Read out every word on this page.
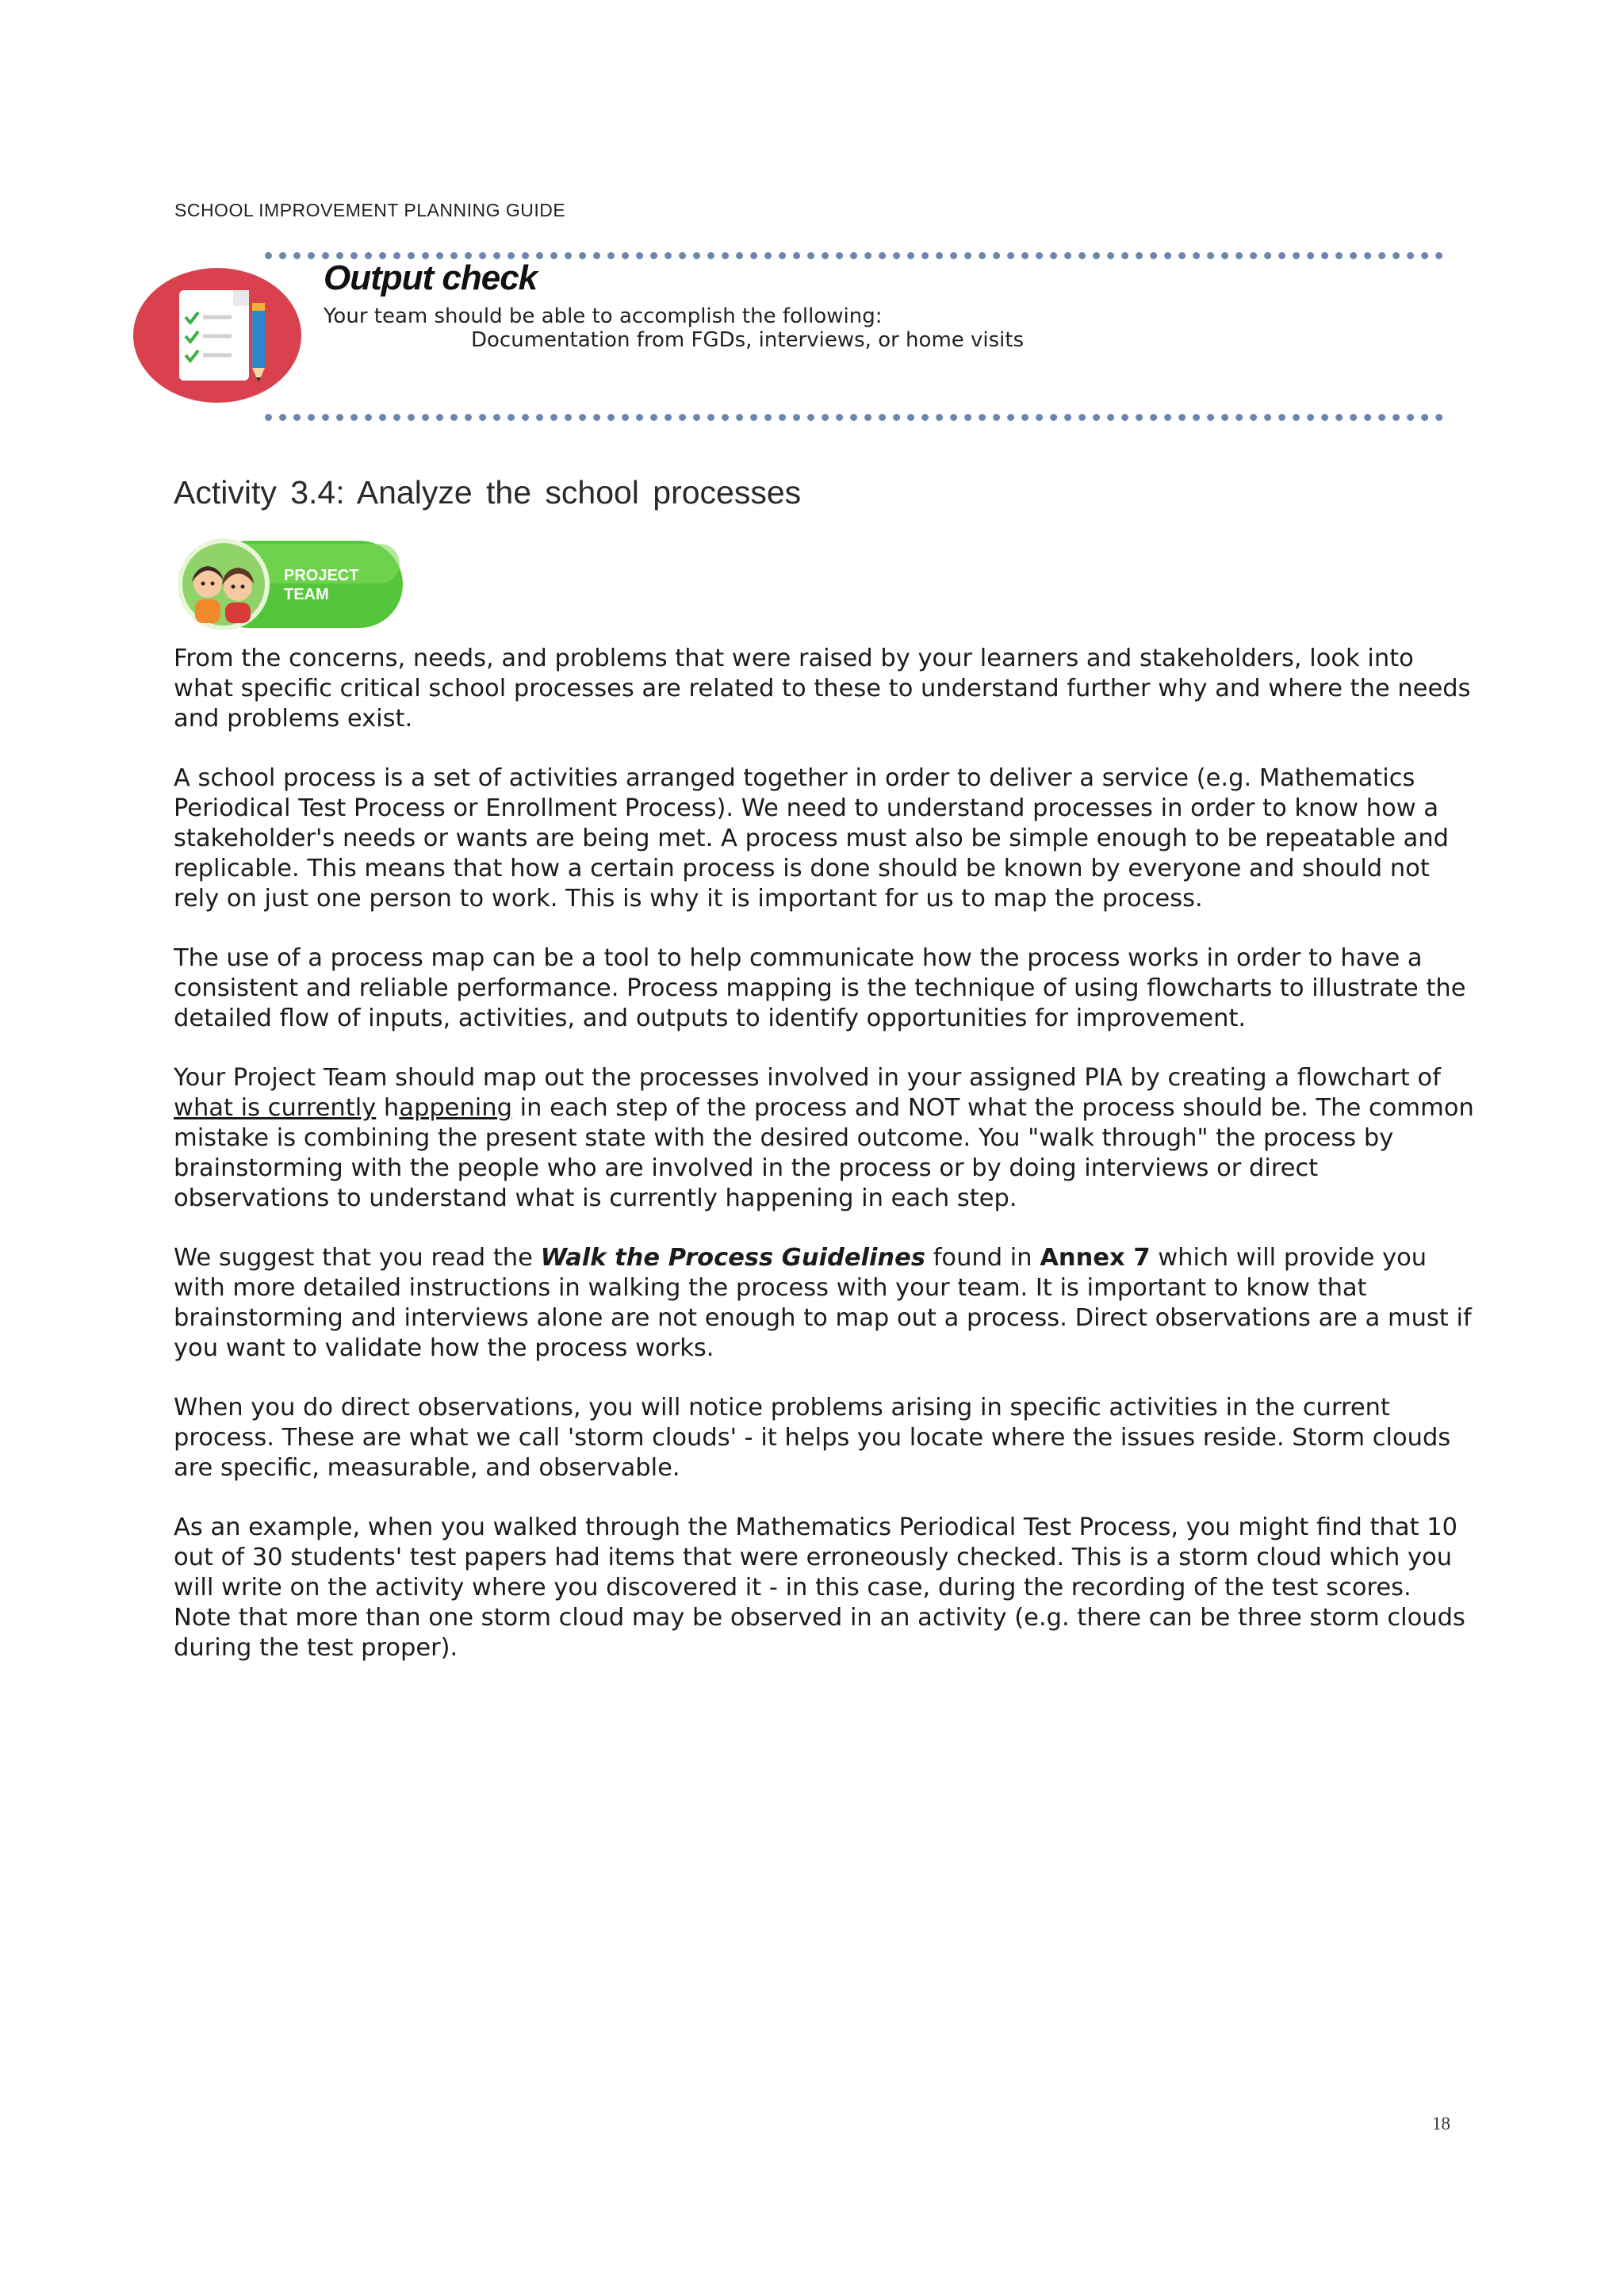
SCHOOL IMPROVEMENT PLANNING GUIDE
Output check
Your team should be able to accomplish the following:
Documentation from FGDs, interviews, or home visits
Activity 3.4: Analyze the school processes
PROJECT
TEAM

From the concerns, needs, and problems that were raised by your learners and stakeholders, look into what specific critical school processes are related to these to understand further why and where the needs and problems exist.

A school process is a set of activities arranged together in order to deliver a service (e.g. Mathematics Periodical Test Process or Enrollment Process). We need to understand processes in order to know how a stakeholder's needs or wants are being met. A process must also be simple enough to be repeatable and replicable. This means that how a certain process is done should be known by everyone and should not rely on just one person to work. This is why it is important for us to map the process.

The use of a process map can be a tool to help communicate how the process works in order to have a consistent and reliable performance. Process mapping is the technique of using flowcharts to illustrate the detailed flow of inputs, activities, and outputs to identify opportunities for improvement.

Your Project Team should map out the processes involved in your assigned PIA by creating a flowchart of what is currently happening in each step of the process and NOT what the process should be. The common mistake is combining the present state with the desired outcome. You "walk through" the process by brainstorming with the people who are involved in the process or by doing interviews or direct observations to understand what is currently happening in each step.

We suggest that you read the Walk the Process Guidelines found in Annex 7 which will provide you with more detailed instructions in walking the process with your team. It is important to know that brainstorming and interviews alone are not enough to map out a process. Direct observations are a must if you want to validate how the process works.

When you do direct observations, you will notice problems arising in specific activities in the current process. These are what we call 'storm clouds' - it helps you locate where the issues reside. Storm clouds are specific, measurable, and observable.

As an example, when you walked through the Mathematics Periodical Test Process, you might find that 10 out of 30 students' test papers had items that were erroneously checked. This is a storm cloud which you will write on the activity where you discovered it - in this case, during the recording of the test scores. Note that more than one storm cloud may be observed in an activity (e.g. there can be three storm clouds during the test proper).

18
